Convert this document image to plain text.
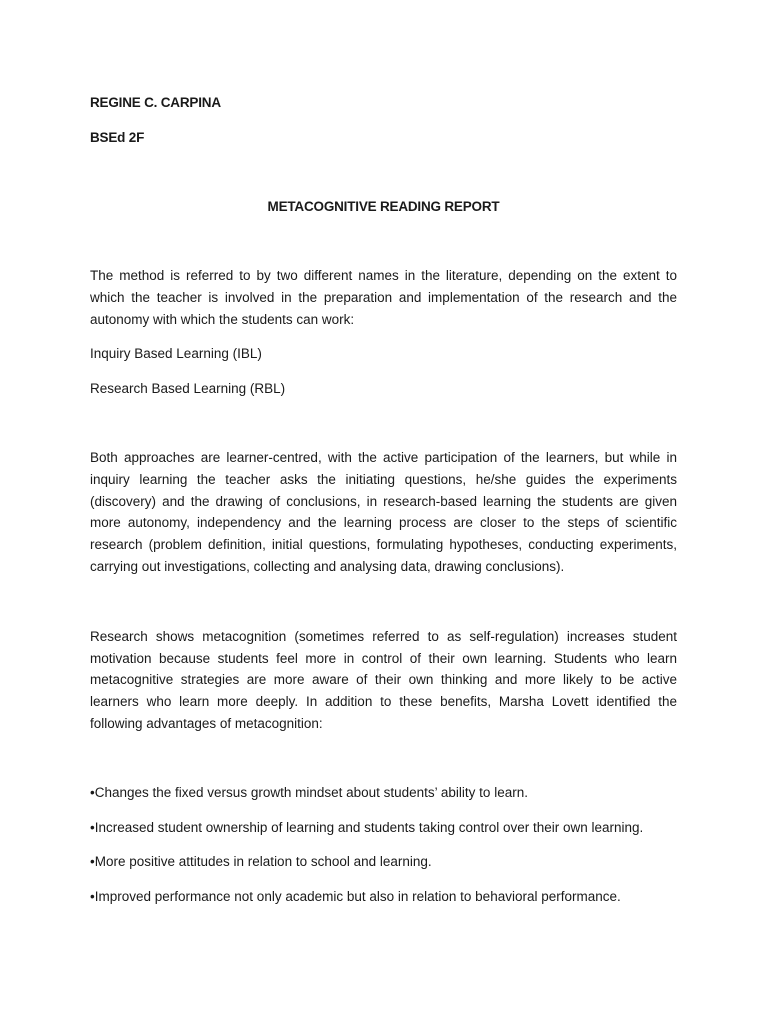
REGINE C. CARPINA

BSEd 2F

METACOGNITIVE READING REPORT

The method is referred to by two different names in the literature, depending on the extent to which the teacher is involved in the preparation and implementation of the research and the autonomy with which the students can work:

Inquiry Based Learning (IBL)

Research Based Learning (RBL)

Both approaches are learner-centred, with the active participation of the learners, but while in inquiry learning the teacher asks the initiating questions, he/she guides the experiments (discovery) and the drawing of conclusions, in research-based learning the students are given more autonomy, independency and the learning process are closer to the steps of scientific research (problem definition, initial questions, formulating hypotheses, conducting experiments, carrying out investigations, collecting and analysing data, drawing conclusions).

Research shows metacognition (sometimes referred to as self-regulation) increases student motivation because students feel more in control of their own learning. Students who learn metacognitive strategies are more aware of their own thinking and more likely to be active learners who learn more deeply. In addition to these benefits, Marsha Lovett identified the following advantages of metacognition:

•Changes the fixed versus growth mindset about students’ ability to learn.

•Increased student ownership of learning and students taking control over their own learning.

•More positive attitudes in relation to school and learning.

•Improved performance not only academic but also in relation to behavioral performance.
